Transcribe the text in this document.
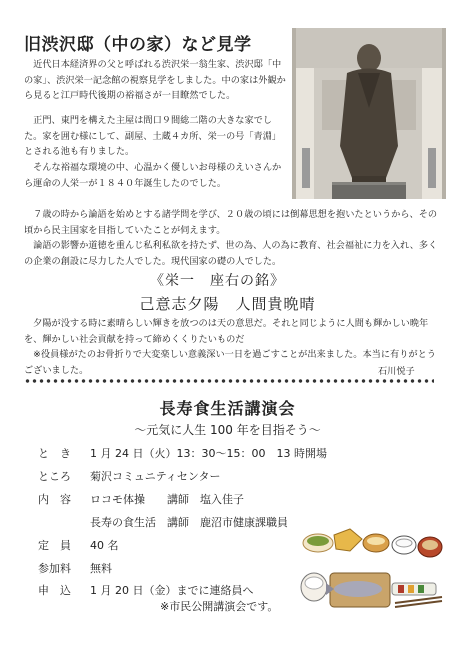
旧渋沢邸（中の家）など見学
　近代日本経済界の父と呼ばれる渋沢栄一翁生家、渋沢邸「中の家」、渋沢栄一記念館の視察見学をしました。中の家は外観から見ると江戸時代後期の裕福さが一目瞭然でした。
　正門、東門を構えた主屋は間口９間総二階の大きな家でした。家を囲む様にして、副屋、土蔵４カ所、栄一の号「青淵」とされる池も有りました。
　そんな裕福な環境の中、心温かく優しいお母様のえいさんから運命の人栄一が１８４０年誕生したのでした。
　７歳の時から論語を始めとする諸学問を学び、２０歳の頃には倒幕思想を抱いたというから、その頃から民主国家を目指していたことが伺えます。
　論語の影響か道徳を重んじ私利私欲を持たず、世の為、人の為に教育、社会福祉に力を入れ、多くの企業の創設に尽力した人でした。現代国家の礎の人でした。
《栄一　座右の銘》
己意志夕陽　人間貴晩晴
　夕陽が没する時に素晴らしい輝きを放つのは天の意思だ。それと同じように人間も輝かしい晩年を、輝かしい社会貢献を持って締めくくりたいものだ
　※役員様がたのお骨折りで大変楽しい意義深い一日を過ごすことが出来ました。本当に有りがとうございました。	石川悦子
長寿食生活講演会
～元気に人生 100 年を目指そう～
と　き 1 月 24 日（火）13：30～15：00　13 時開場
ところ 菊沢コミュニティセンター
内　容 ロコモ体操　　講師　塩入佳子
長寿の食生活　講師　鹿沼市健康課職員
定　員 40 名
参加料 無料
申　込 1 月 20 日（金）までに連絡員へ
※市民公開講演会です。
